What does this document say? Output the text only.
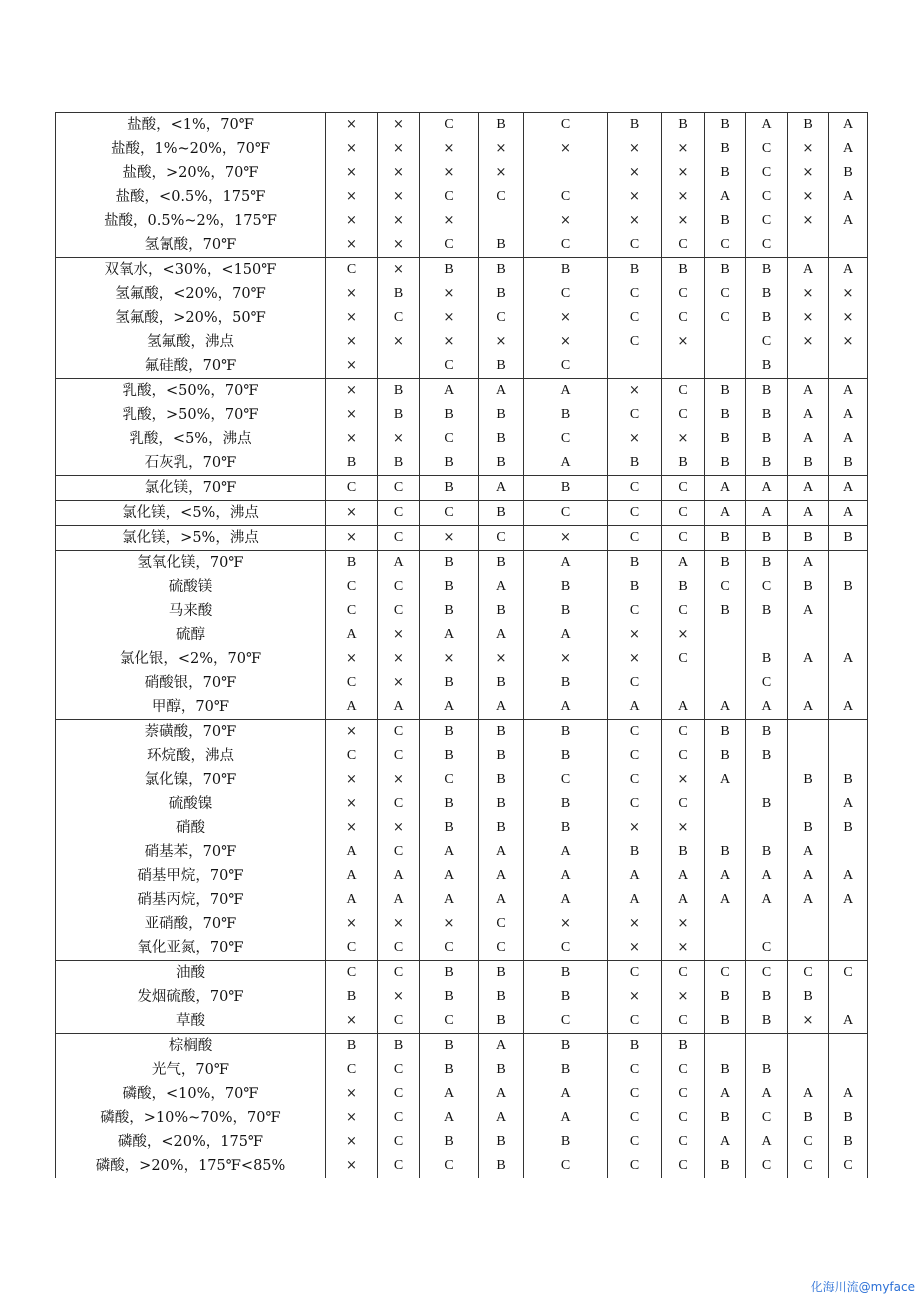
盐酸，<1%，70℉	×	×	C	B	C	B	B	B	A	B	A
盐酸，1%~20%，70℉	×	×	×	×	×	×	×	B	C	×	A
盐酸，>20%，70℉	×	×	×	×		×	×	B	C	×	B
盐酸，<0.5%，175℉	×	×	C	C	C	×	×	A	C	×	A
盐酸，0.5%~2%，175℉	×	×	×		×	×	×	B	C	×	A
氢氰酸，70℉	×	×	C	B	C	C	C	C	C		
双氧水，<30%，<150℉	C	×	B	B	B	B	B	B	B	A	A
氢氟酸，<20%，70℉	×	B	×	B	C	C	C	C	B	×	×
氢氟酸，>20%，50℉	×	C	×	C	×	C	C	C	B	×	×
氢氟酸，沸点	×	×	×	×	×	C	×		C	×	×
氟硅酸，70℉	×		C	B	C				B		
乳酸，<50%，70℉	×	B	A	A	A	×	C	B	B	A	A
乳酸，>50%，70℉	×	B	B	B	B	C	C	B	B	A	A
乳酸，<5%，沸点	×	×	C	B	C	×	×	B	B	A	A
石灰乳，70℉	B	B	B	B	A	B	B	B	B	B	B
氯化镁，70℉	C	C	B	A	B	C	C	A	A	A	A
氯化镁，<5%，沸点	×	C	C	B	C	C	C	A	A	A	A
氯化镁，>5%，沸点	×	C	×	C	×	C	C	B	B	B	B
氢氧化镁，70℉	B	A	B	B	A	B	A	B	B	A	
硫酸镁	C	C	B	A	B	B	B	C	C	B	B
马来酸	C	C	B	B	B	C	C	B	B	A	
硫醇	A	×	A	A	A	×	×				
氯化银，<2%，70℉	×	×	×	×	×	×	C		B	A	A
硝酸银，70℉	C	×	B	B	B	C			C		
甲醇，70℉	A	A	A	A	A	A	A	A	A	A	A
萘磺酸，70℉	×	C	B	B	B	C	C	B	B		
环烷酸，沸点	C	C	B	B	B	C	C	B	B		
氯化镍，70℉	×	×	C	B	C	C	×	A		B	B
硫酸镍	×	C	B	B	B	C	C		B		A
硝酸	×	×	B	B	B	×	×			B	B
硝基苯，70℉	A	C	A	A	A	B	B	B	B	A	
硝基甲烷，70℉	A	A	A	A	A	A	A	A	A	A	A
硝基丙烷，70℉	A	A	A	A	A	A	A	A	A	A	A
亚硝酸，70℉	×	×	×	C	×	×	×				
氧化亚氮，70℉	C	C	C	C	C	×	×		C		
油酸	C	C	B	B	B	C	C	C	C	C	C
发烟硫酸，70℉	B	×	B	B	B	×	×	B	B	B	
草酸	×	C	C	B	C	C	C	B	B	×	A
棕榈酸	B	B	B	A	B	B	B				
光气，70℉	C	C	B	B	B	C	C	B	B		
磷酸，<10%，70℉	×	C	A	A	A	C	C	A	A	A	A
磷酸，>10%~70%，70℉	×	C	A	A	A	C	C	B	C	B	B
磷酸，<20%，175℉	×	C	B	B	B	C	C	A	A	C	B
磷酸，>20%，175℉<85%	×	C	C	B	C	C	C	B	C	C	C
化海川流@myface
